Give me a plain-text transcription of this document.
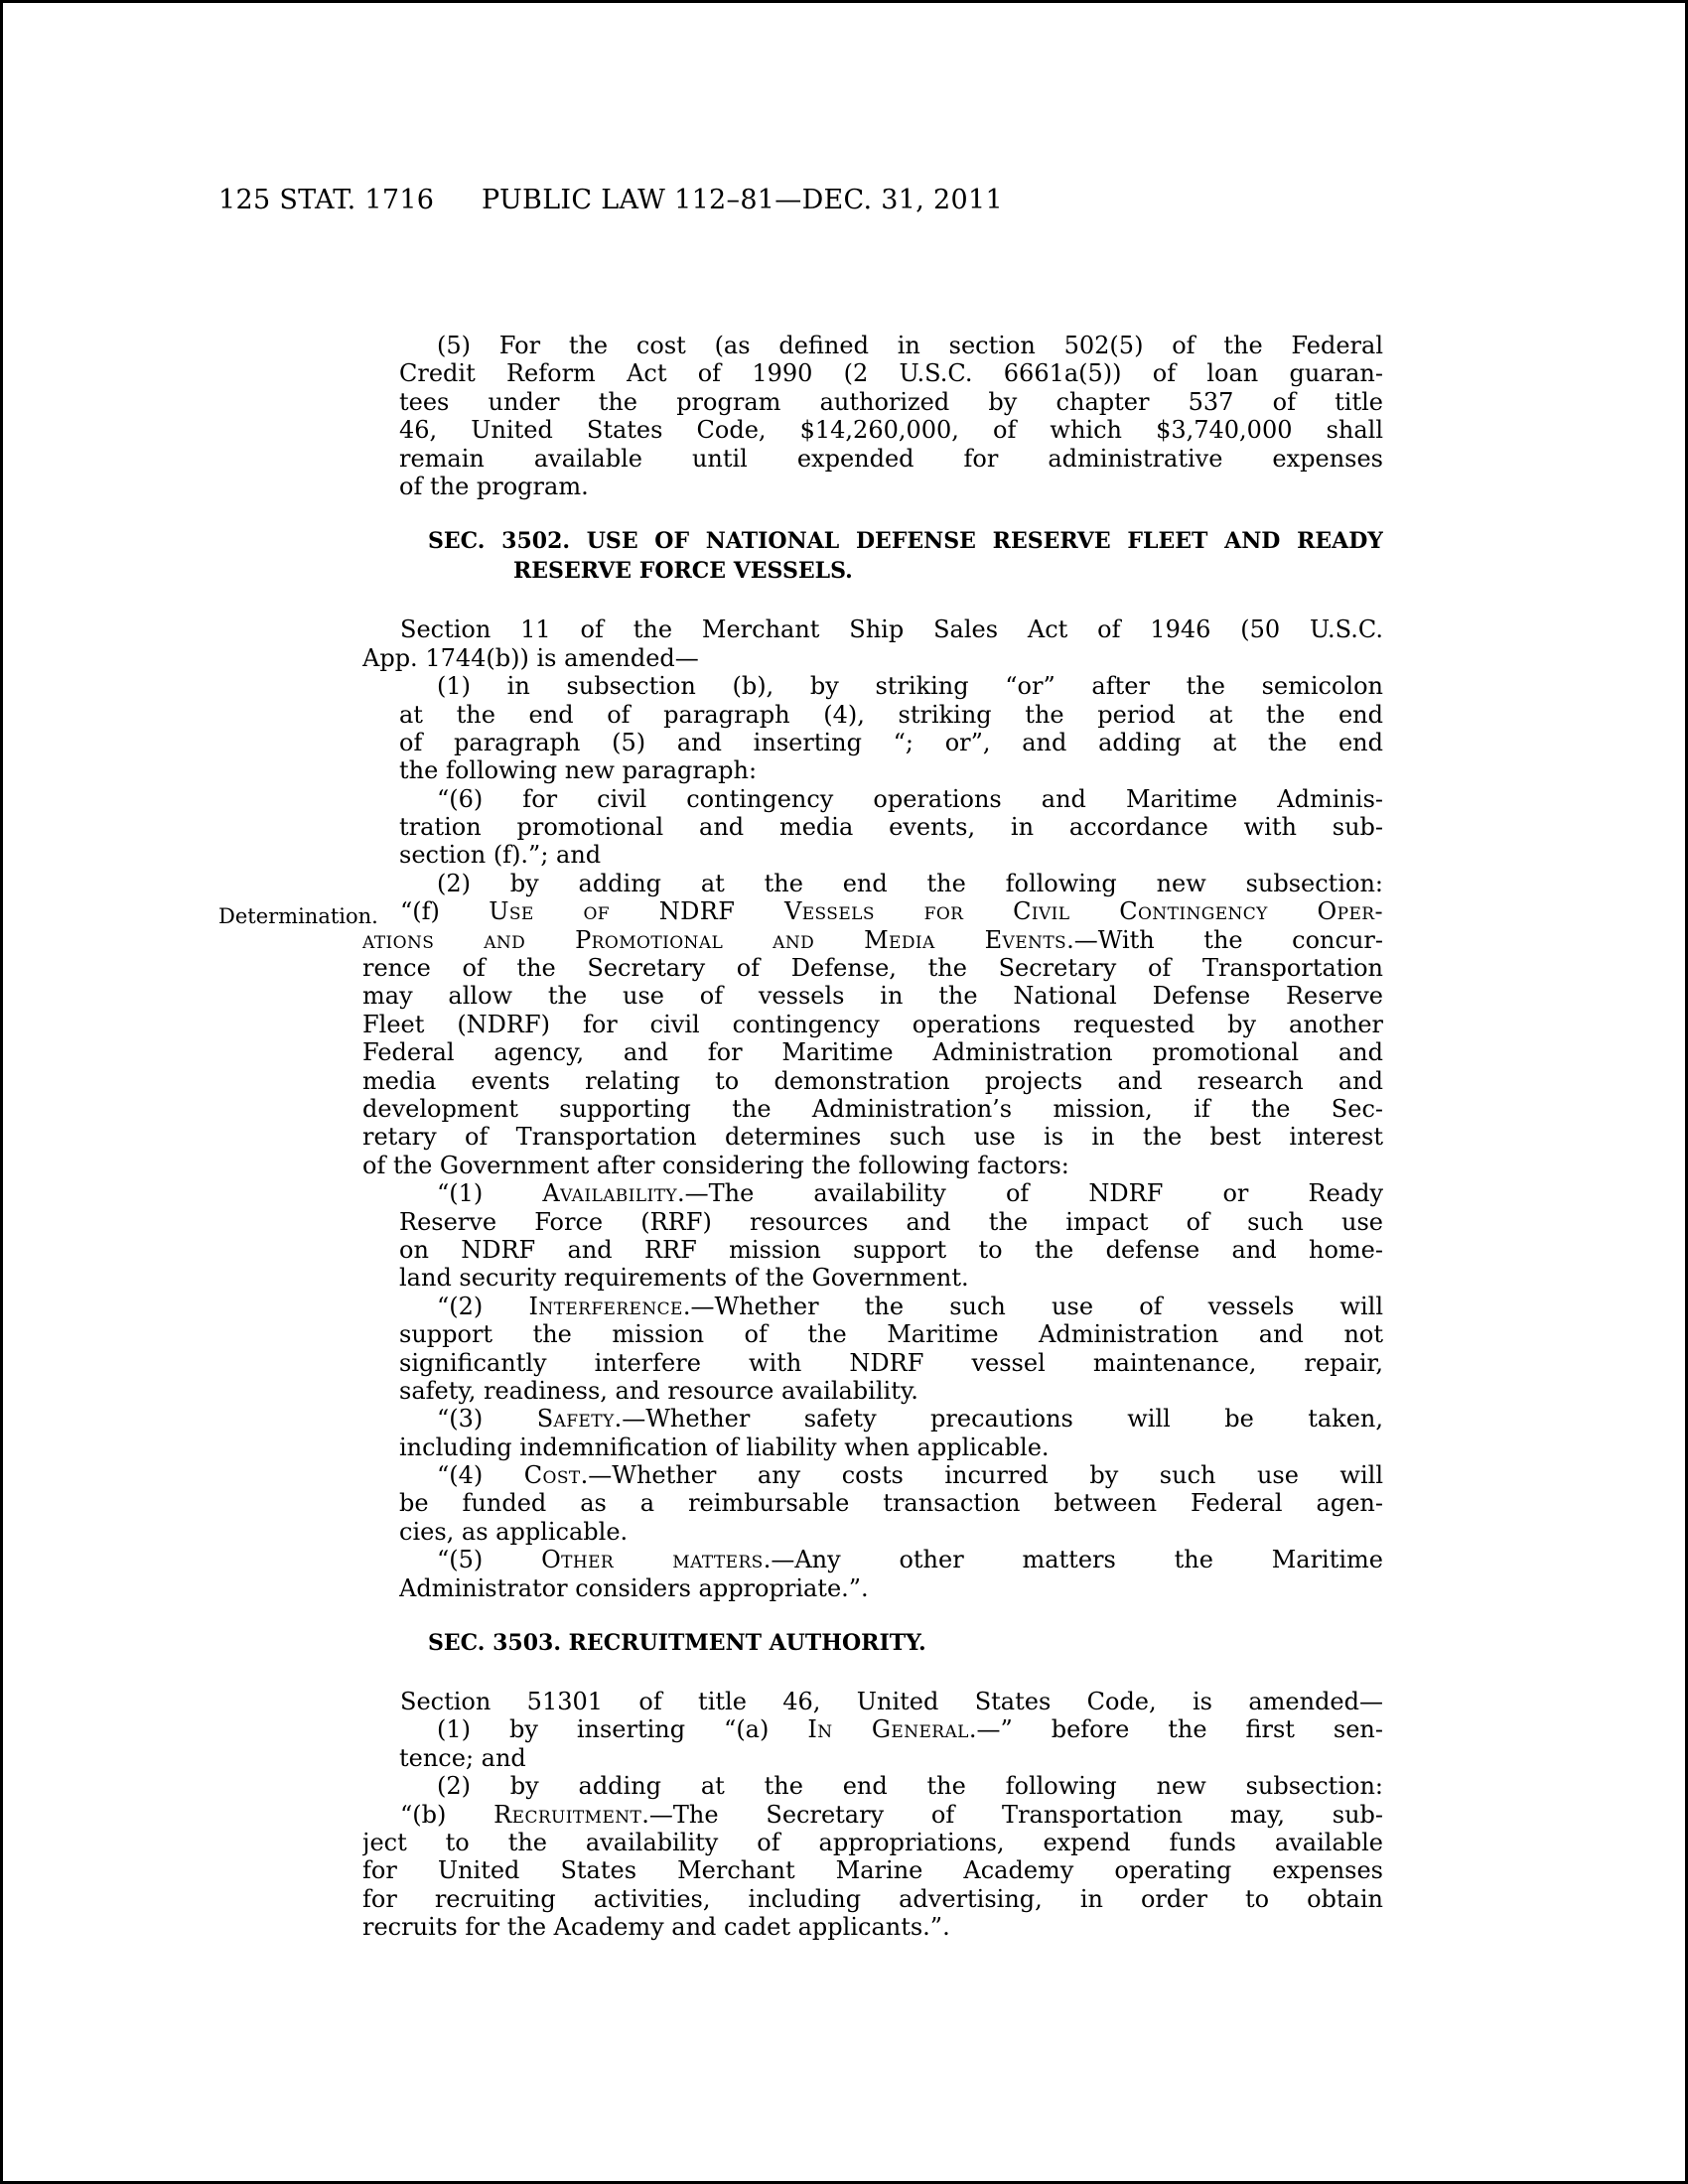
125 STAT. 1716 PUBLIC LAW 112–81—DEC. 31, 2011
Determination.
(5) For the cost (as defined in section 502(5) of the Federal
Credit Reform Act of 1990 (2 U.S.C. 6661a(5)) of loan guaran-
tees under the program authorized by chapter 537 of title
46, United States Code, $14,260,000, of which $3,740,000 shall
remain available until expended for administrative expenses
of the program.
SEC. 3502. USE OF NATIONAL DEFENSE RESERVE FLEET AND READY
RESERVE FORCE VESSELS.
Section 11 of the Merchant Ship Sales Act of 1946 (50 U.S.C.
App. 1744(b)) is amended—
(1) in subsection (b), by striking “or” after the semicolon
at the end of paragraph (4), striking the period at the end
of paragraph (5) and inserting “; or”, and adding at the end
the following new paragraph:
“(6) for civil contingency operations and Maritime Adminis-
tration promotional and media events, in accordance with sub-
section (f).”; and
(2) by adding at the end the following new subsection:
“(f) Use of NDRF Vessels for Civil Contingency Oper-
ations and Promotional and Media Events.—With the concur-
rence of the Secretary of Defense, the Secretary of Transportation
may allow the use of vessels in the National Defense Reserve
Fleet (NDRF) for civil contingency operations requested by another
Federal agency, and for Maritime Administration promotional and
media events relating to demonstration projects and research and
development supporting the Administration’s mission, if the Sec-
retary of Transportation determines such use is in the best interest
of the Government after considering the following factors:
“(1) Availability.—The availability of NDRF or Ready
Reserve Force (RRF) resources and the impact of such use
on NDRF and RRF mission support to the defense and home-
land security requirements of the Government.
“(2) Interference.—Whether the such use of vessels will
support the mission of the Maritime Administration and not
significantly interfere with NDRF vessel maintenance, repair,
safety, readiness, and resource availability.
“(3) Safety.—Whether safety precautions will be taken,
including indemnification of liability when applicable.
“(4) Cost.—Whether any costs incurred by such use will
be funded as a reimbursable transaction between Federal agen-
cies, as applicable.
“(5) Other matters.—Any other matters the Maritime
Administrator considers appropriate.”.
SEC. 3503. RECRUITMENT AUTHORITY.
Section 51301 of title 46, United States Code, is amended—
(1) by inserting “(a) In General.—” before the first sen-
tence; and
(2) by adding at the end the following new subsection:
“(b) Recruitment.—The Secretary of Transportation may, sub-
ject to the availability of appropriations, expend funds available
for United States Merchant Marine Academy operating expenses
for recruiting activities, including advertising, in order to obtain
recruits for the Academy and cadet applicants.”.
